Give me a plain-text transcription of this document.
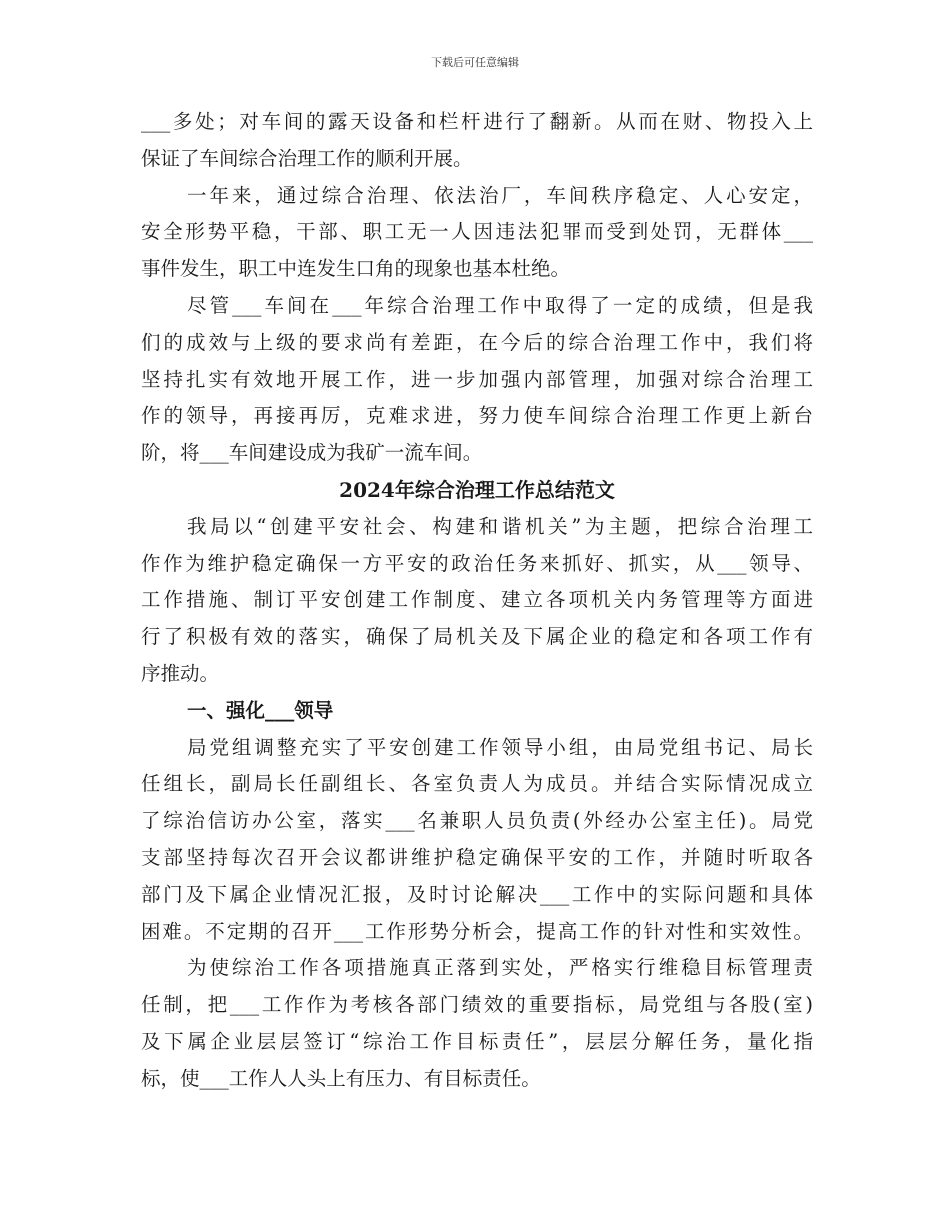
下载后可任意编辑
___多处；对车间的露天设备和栏杆进行了翻新。从而在财、物投入上
保证了车间综合治理工作的顺利开展。
一年来，通过综合治理、依法治厂，车间秩序稳定、人心安定，
安全形势平稳，干部、职工无一人因违法犯罪而受到处罚，无群体___
事件发生，职工中连发生口角的现象也基本杜绝。
尽管___车间在___年综合治理工作中取得了一定的成绩，但是我
们的成效与上级的要求尚有差距，在今后的综合治理工作中，我们将
坚持扎实有效地开展工作，进一步加强内部管理，加强对综合治理工
作的领导，再接再厉，克难求进，努力使车间综合治理工作更上新台
阶，将___车间建设成为我矿一流车间。
2024年综合治理工作总结范文
我局以“创建平安社会、构建和谐机关”为主题，把综合治理工
作作为维护稳定确保一方平安的政治任务来抓好、抓实，从___领导、
工作措施、制订平安创建工作制度、建立各项机关内务管理等方面进
行了积极有效的落实，确保了局机关及下属企业的稳定和各项工作有
序推动。
一、强化___领导
局党组调整充实了平安创建工作领导小组，由局党组书记、局长
任组长，副局长任副组长、各室负责人为成员。并结合实际情况成立
了综治信访办公室，落实___名兼职人员负责(外经办公室主任)。局党
支部坚持每次召开会议都讲维护稳定确保平安的工作，并随时听取各
部门及下属企业情况汇报，及时讨论解决___工作中的实际问题和具体
困难。不定期的召开___工作形势分析会，提高工作的针对性和实效性。
为使综治工作各项措施真正落到实处，严格实行维稳目标管理责
任制，把___工作作为考核各部门绩效的重要指标，局党组与各股(室)
及下属企业层层签订“综治工作目标责任”，层层分解任务，量化指
标，使___工作人人头上有压力、有目标责任。
